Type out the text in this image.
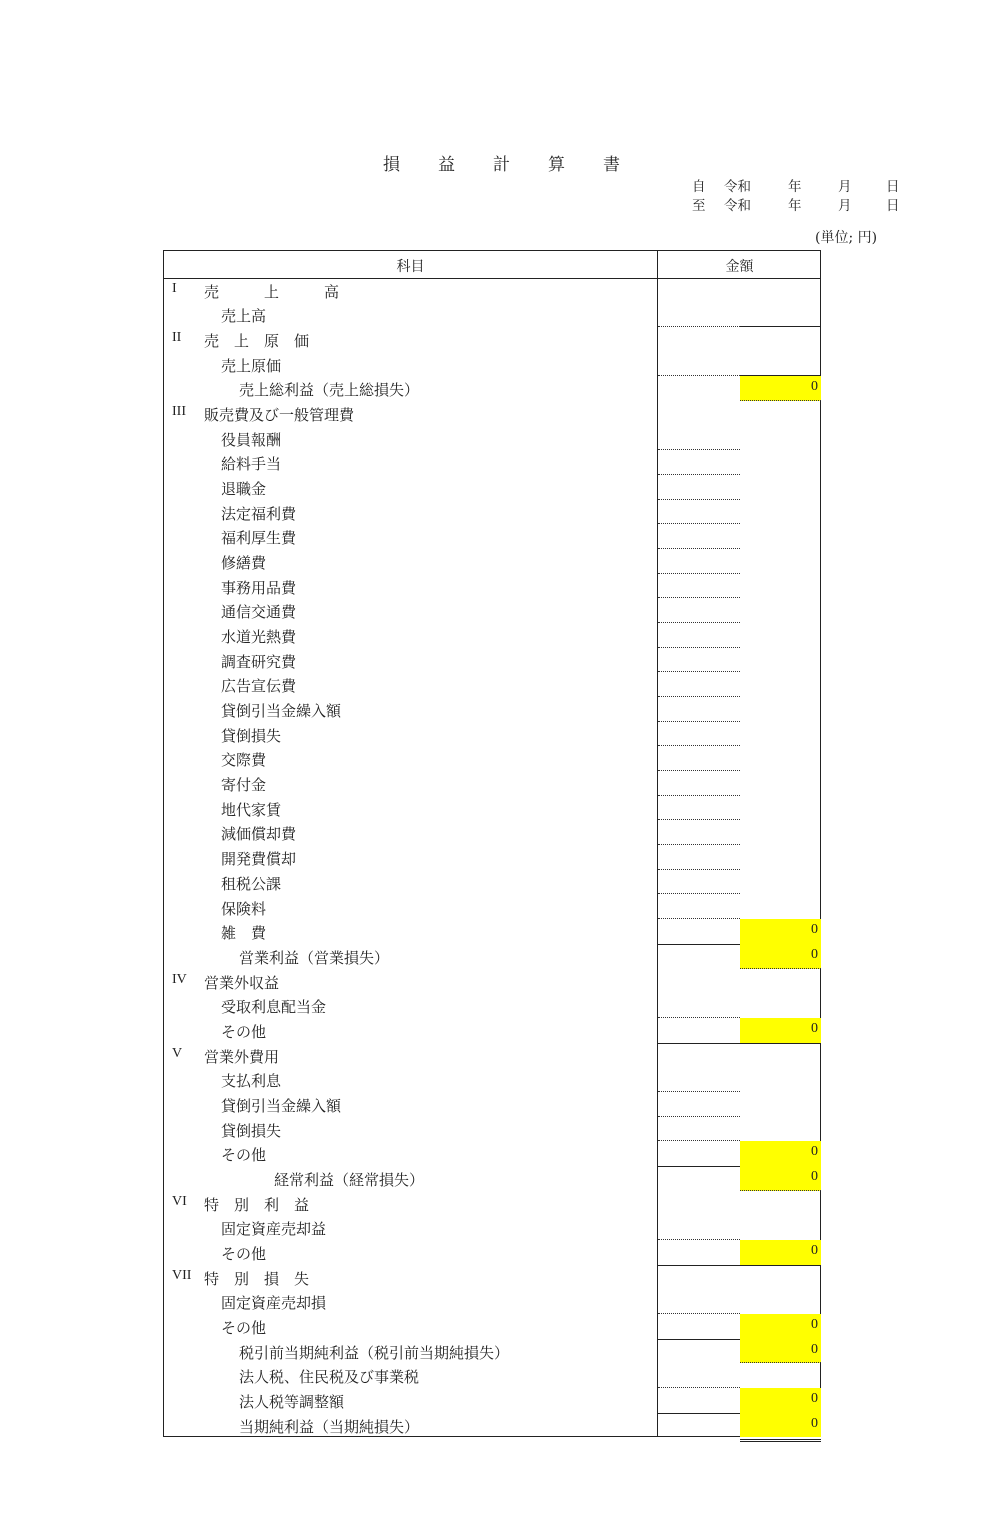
損 益 計 算 書
自 令和	年	月	日
至 令和	年	月	日
(単位; 円)
科目	金額
I 売　　　上　　　高
売上高
II 売　上　原　価
売上原価
売上総利益（売上総損失）	0
III 販売費及び一般管理費
役員報酬
給料手当
退職金
法定福利費
福利厚生費
修繕費
事務用品費
通信交通費
水道光熱費
調査研究費
広告宣伝費
貸倒引当金繰入額
貸倒損失
交際費
寄付金
地代家賃
減価償却費
開発費償却
租税公課
保険料
雑　費	0
営業利益（営業損失）	0
IV 営業外収益
受取利息配当金
その他	0
V 営業外費用
支払利息
貸倒引当金繰入額
貸倒損失
その他	0
経常利益（経常損失）	0
VI 特　別　利　益
固定資産売却益
その他	0
VII 特　別　損　失
固定資産売却損
その他	0
税引前当期純利益（税引前当期純損失）	0
法人税、住民税及び事業税
法人税等調整額	0
当期純利益（当期純損失）	0
